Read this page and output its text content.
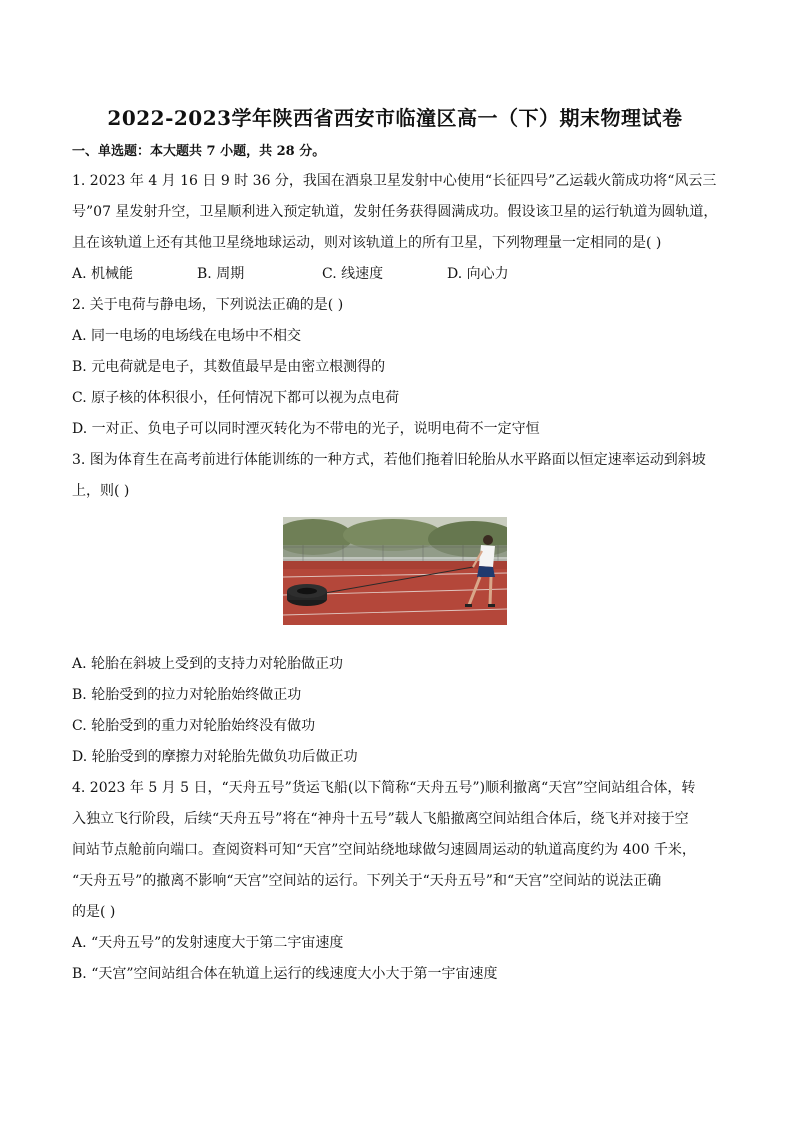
2022-2023学年陕西省西安市临潼区高一（下）期末物理试卷
一、单选题：本大题共 7 小题，共 28 分。

1. 2023 年 4 月 16 日 9 时 36 分，我国在酒泉卫星发射中心使用“长征四号”乙运载火箭成功将“风云三

号”07 星发射升空，卫星顺利进入预定轨道，发射任务获得圆满成功。假设该卫星的运行轨道为圆轨道，

且在该轨道上还有其他卫星绕地球运动，则对该轨道上的所有卫星，下列物理量一定相同的是( )

A. 机械能	B. 周期	C. 线速度	D. 向心力

2. 关于电荷与静电场，下列说法正确的是( )

A. 同一电场的电场线在电场中不相交

B. 元电荷就是电子，其数值最早是由密立根测得的

C. 原子核的体积很小，任何情况下都可以视为点电荷

D. 一对正、负电子可以同时湮灭转化为不带电的光子，说明电荷不一定守恒

3. 图为体育生在高考前进行体能训练的一种方式，若他们拖着旧轮胎从水平路面以恒定速率运动到斜坡

上，则( )

A. 轮胎在斜坡上受到的支持力对轮胎做正功

B. 轮胎受到的拉力对轮胎始终做正功

C. 轮胎受到的重力对轮胎始终没有做功

D. 轮胎受到的摩擦力对轮胎先做负功后做正功

4. 2023 年 5 月 5 日，“天舟五号”货运飞船(以下简称“天舟五号”)顺利撤离“天宫”空间站组合体，转

入独立飞行阶段，后续“天舟五号”将在“神舟十五号”载人飞船撤离空间站组合体后，绕飞并对接于空

间站节点舱前向端口。查阅资料可知“天宫”空间站绕地球做匀速圆周运动的轨道高度约为 400 千米，

“天舟五号”的撤离不影响“天宫”空间站的运行。下列关于“天舟五号”和“天宫”空间站的说法正确

的是( )

A. “天舟五号”的发射速度大于第二宇宙速度

B. “天宫”空间站组合体在轨道上运行的线速度大小大于第一宇宙速度
